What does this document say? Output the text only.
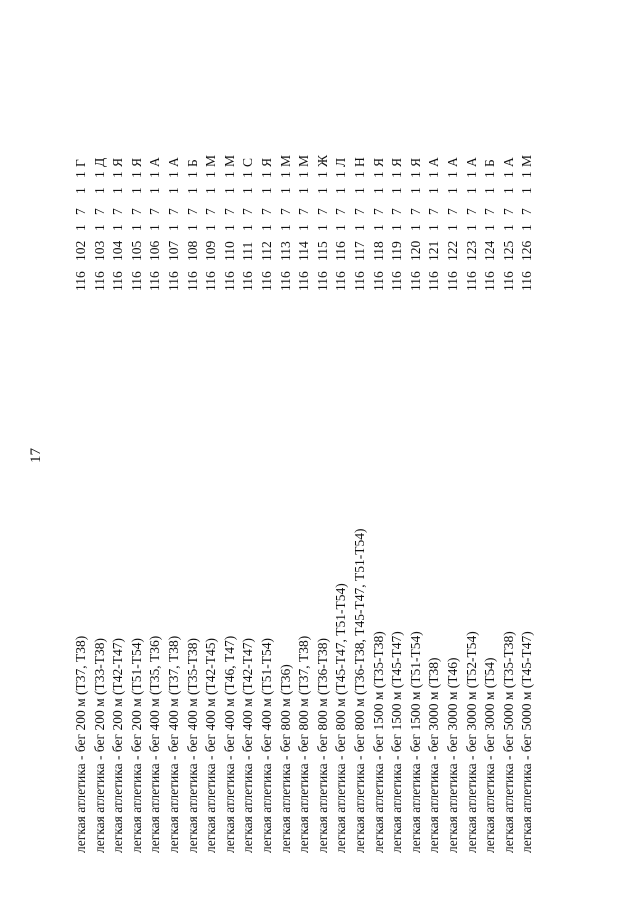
17
легкая атлетика - бег 200 м (Т37, Т38)
116
102
1
7
1
1
Г
легкая атлетика - бег 200 м (Т33-Т38)
116
103
1
7
1
1
Д
легкая атлетика - бег 200 м (Т42-Т47)
116
104
1
7
1
1
Я
легкая атлетика - бег 200 м (Т51-Т54)
116
105
1
7
1
1
Я
легкая атлетика - бег 400 м (Т35, Т36)
116
106
1
7
1
1
А
легкая атлетика - бег 400 м (Т37, Т38)
116
107
1
7
1
1
А
легкая атлетика - бег 400 м (Т35-Т38)
116
108
1
7
1
1
Б
легкая атлетика - бег 400 м (Т42-Т45)
116
109
1
7
1
1
М
легкая атлетика - бег 400 м (Т46, Т47)
116
110
1
7
1
1
М
легкая атлетика - бег 400 м (Т42-Т47)
116
111
1
7
1
1
С
легкая атлетика - бег 400 м (Т51-Т54)
116
112
1
7
1
1
Я
легкая атлетика - бег 800 м (Т36)
116
113
1
7
1
1
М
легкая атлетика - бег 800 м (Т37, Т38)
116
114
1
7
1
1
М
легкая атлетика - бег 800 м (Т36-Т38)
116
115
1
7
1
1
Ж
легкая атлетика - бег 800 м (Т45-Т47, Т51-Т54)
116
116
1
7
1
1
Л
легкая атлетика - бег 800 м (Т36-Т38, Т45-Т47, Т51-Т54)
116
117
1
7
1
1
Н
легкая атлетика - бег 1500 м (Т35-Т38)
116
118
1
7
1
1
Я
легкая атлетика - бег 1500 м (Т45-Т47)
116
119
1
7
1
1
Я
легкая атлетика - бег 1500 м (Т51-Т54)
116
120
1
7
1
1
Я
легкая атлетика - бег 3000 м (Т38)
116
121
1
7
1
1
А
легкая атлетика - бег 3000 м (Т46)
116
122
1
7
1
1
А
легкая атлетика - бег 3000 м (Т52-Т54)
116
123
1
7
1
1
А
легкая атлетика - бег 3000 м (Т54)
116
124
1
7
1
1
Б
легкая атлетика - бег 5000 м (Т35-Т38)
116
125
1
7
1
1
А
легкая атлетика - бег 5000 м (Т45-Т47)
116
126
1
7
1
1
М
